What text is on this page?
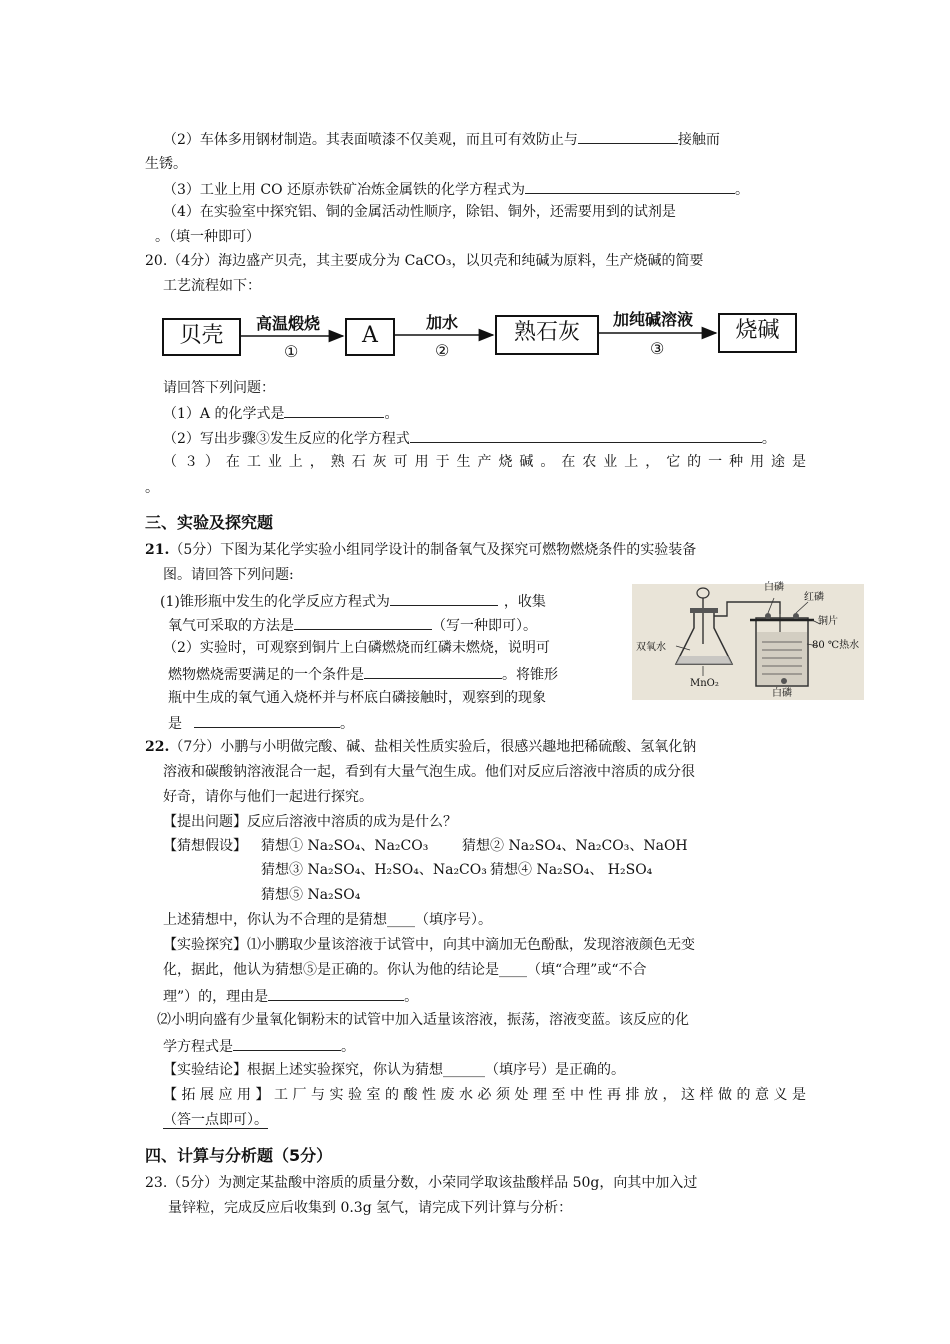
（2）车体多用钢材制造。其表面喷漆不仅美观，而且可有效防止与	接触而
生锈。
（3）工业上用 CO 还原赤铁矿冶炼金属铁的化学方程式为	。
（4）在实验室中探究铝、铜的金属活动性顺序，除铝、铜外，还需要用到的试剂是
。（填一种即可）
20.（4分）海边盛产贝壳，其主要成分为 CaCO₃，以贝壳和纯碱为原料，生产烧碱的简要
工艺流程如下：
贝壳	A	熟石灰	烧碱
高温煅烧	加水	加纯碱溶液
①	②	③
请回答下列问题：
（1）A 的化学式是	。
（2）写出步骤③发生反应的化学方程式	。
（３）在工业上，熟石灰可用于生产烧碱。在农业上，它的一种用途是
。
三、实验及探究题
21.（5分）下图为某化学实验小组同学设计的制备氧气及探究可燃物燃烧条件的实验装备
图。请回答下列问题:
(1)锥形瓶中发生的化学反应方程式为	，收集
氧气可采取的方法是	（写一种即可）。
（2）实验时，可观察到铜片上白磷燃烧而红磷未燃烧，说明可
燃物燃烧需要满足的一个条件是	。将锥形
瓶中生成的氧气通入烧杯并与杯底白磷接触时，观察到的现象
是	。
白磷
红磷
铜片
80 ℃热水
双氧水
MnO₂
白磷
22.（7分）小鹏与小明做完酸、碱、盐相关性质实验后，很感兴趣地把稀硫酸、氢氧化钠
溶液和碳酸钠溶液混合一起，看到有大量气泡生成。他们对反应后溶液中溶质的成分很
好奇，请你与他们一起进行探究。
【提出问题】反应后溶液中溶质的成为是什么？
【猜想假设】 猜想① Na₂SO₄、Na₂CO₃ 猜想② Na₂SO₄、Na₂CO₃、NaOH
猜想③ Na₂SO₄、H₂SO₄、Na₂CO₃ 猜想④ Na₂SO₄、 H₂SO₄
猜想⑤ Na₂SO₄
上述猜想中，你认为不合理的是猜想____（填序号）。
【实验探究】⑴小鹏取少量该溶液于试管中，向其中滴加无色酚酞，发现溶液颜色无变
化，据此，他认为猜想⑤是正确的。你认为他的结论是____（填“合理”或“不合
理”）的，理由是	。
⑵小明向盛有少量氧化铜粉末的试管中加入适量该溶液，振荡，溶液变蓝。该反应的化
学方程式是	。
【实验结论】根据上述实验探究，你认为猜想______（填序号）是正确的。
【拓展应用】工厂与实验室的酸性废水必须处理至中性再排放，这样做的意义是
（答一点即可）。
四、计算与分析题（5分）
23.（5分）为测定某盐酸中溶质的质量分数，小荣同学取该盐酸样品 50g，向其中加入过
量锌粒，完成反应后收集到 0.3g 氢气，请完成下列计算与分析：
